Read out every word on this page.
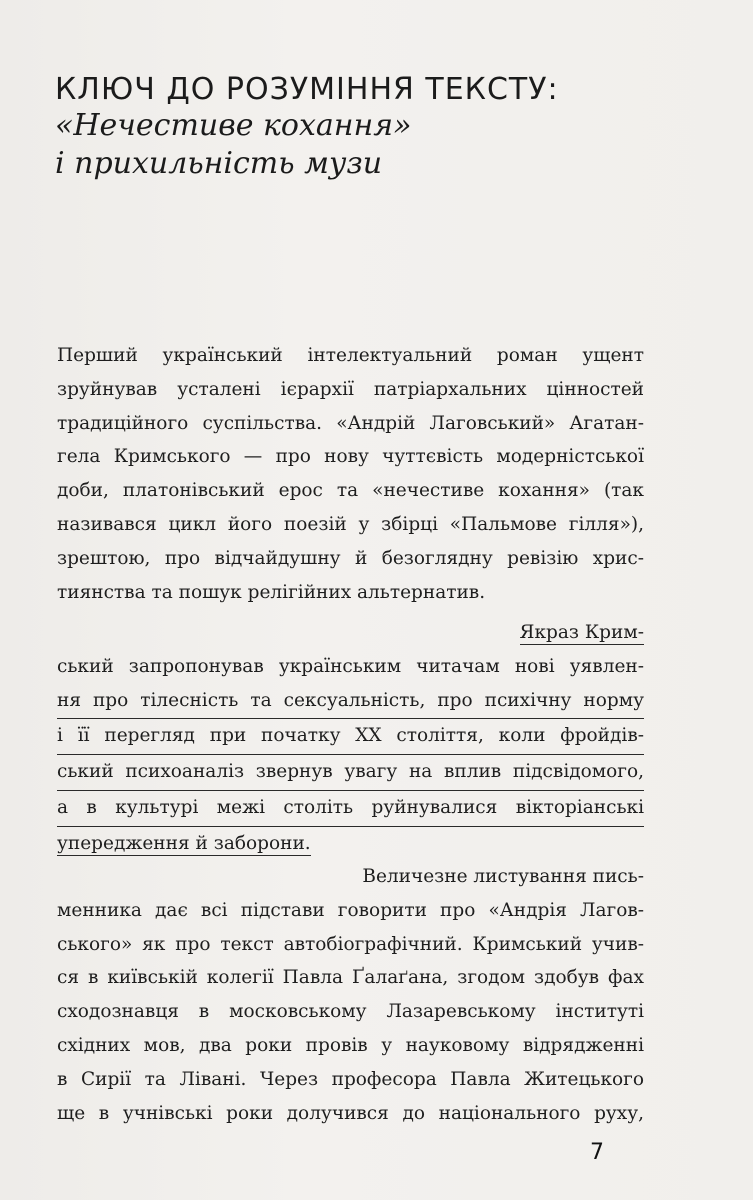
КЛЮЧ ДО РОЗУМІННЯ ТЕКСТУ:
«Нечестиве кохання»
і прихильність музи
Перший український інтелектуальний роман ущент
зруйнував усталені ієрархії патріархальних цінностей
традиційного суспільства. «Андрій Лаговський» Агатан-
гела Кримського — про нову чуттєвість модерністської
доби, платонівський ерос та «нечестиве кохання» (так
називався цикл його поезій у збірці «Пальмове гілля»),
зрештою, про відчайдушну й безоглядну ревізію хрис-
тиянства та пошук релігійних альтернатив.
Якраз Крим-
ський запропонував українським читачам нові уявлен-
ня про тілесність та сексуальність, про психічну норму
і її перегляд при початку XX століття, коли фройдів-
ський психоаналіз звернув увагу на вплив підсвідомого,
а в культурі межі століть руйнувалися вікторіанські
упередження й заборони.
Величезне листування пись-
менника дає всі підстави говорити про «Андрія Лагов-
ського» як про текст автобіографічний. Кримський учив-
ся в київській колегії Павла Ґалаґана, згодом здобув фах
сходознавця в московському Лазаревському інституті
східних мов, два роки провів у науковому відрядженні
в Сирії та Лівані. Через професора Павла Житецького
ще в учнівські роки долучився до національного руху,
7
